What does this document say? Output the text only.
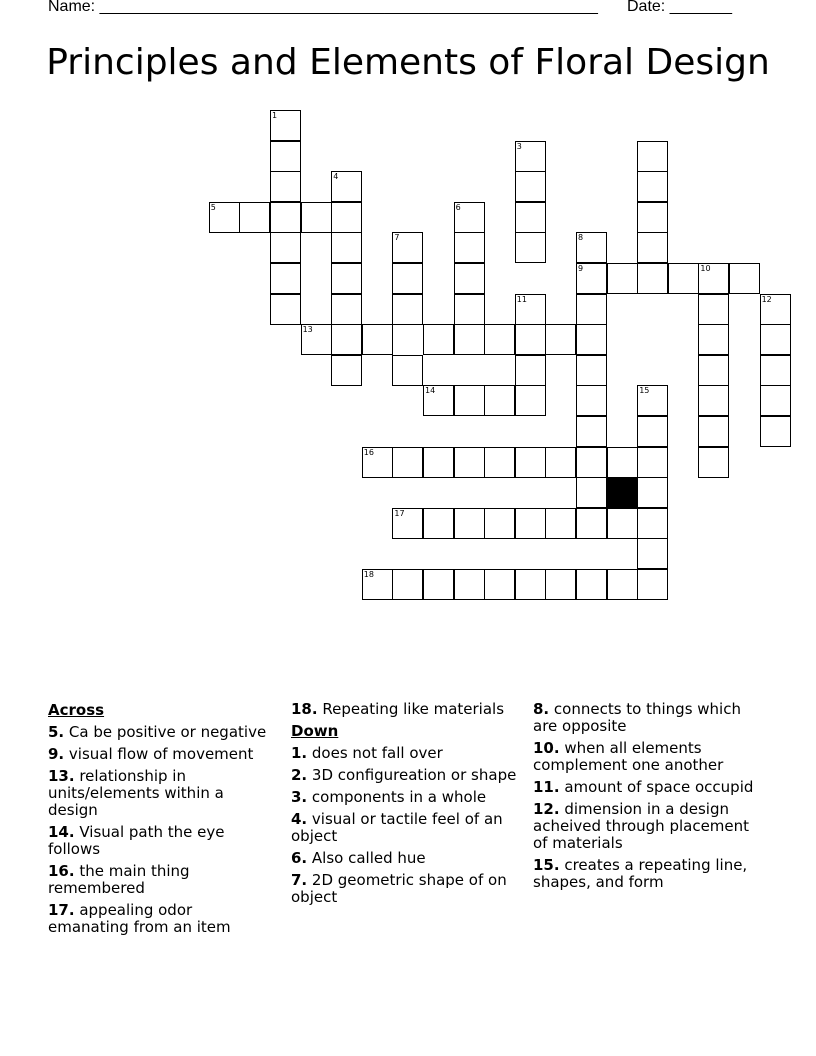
Name: ________________________________________________________ Date: _______
Principles and Elements of Floral Design
5
1
4
3
6
7	8
9	10
11	12
13
14	15
16
17
18
Across
5. Ca be positive or negative
9. visual flow of movement
13. relationship in units/elements within a design
14. Visual path the eye follows
16. the main thing remembered
17. appealing odor emanating from an item
18. Repeating like materials
Down
1. does not fall over
2. 3D configureation or shape
3. components in a whole
4. visual or tactile feel of an object
6. Also called hue
7. 2D geometric shape of on object
8. connects to things which are opposite
10. when all elements complement one another
11. amount of space occupid
12. dimension in a design acheived through placement of materials
15. creates a repeating line, shapes, and form
